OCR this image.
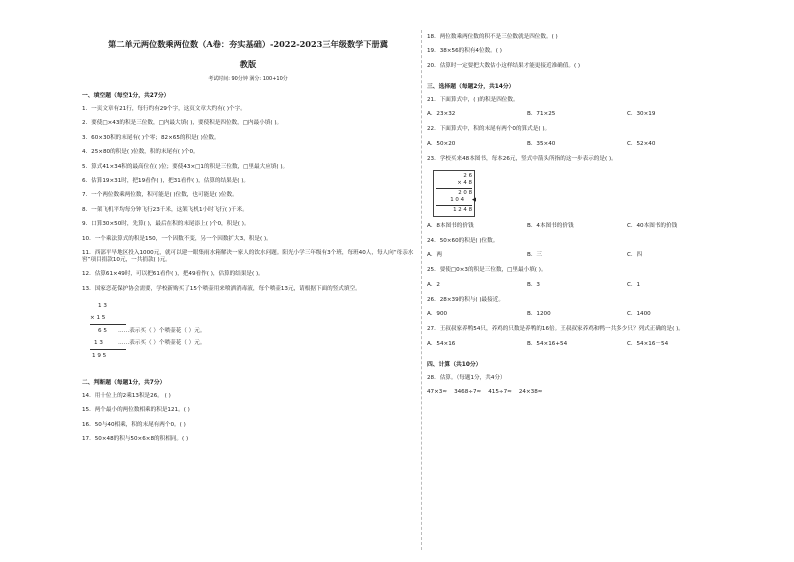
第二单元两位数乘两位数（A卷：夯实基础）-2022-2023三年级数学下册冀
教版
考试时间: 90分钟 满分: 100+10分
一、填空题（每空1分，共27分）
1．一页文章有21行，每行约有29个字，这页文章大约有( )个字。
2．要使□×43的积是三位数，□内最大填( )，要使积是四位数，□内最小填( )。
3．60×30积的末尾有( )个零；82×65的积是( )位数。
4．25×80的积是( )位数，积的末尾有( )个0。
5．算式41×34积的最高位在( )位；要使43×□1的积是三位数，□里最大应填( )。
6．估算19×31时，把19看作( )，把31看作( )，估算的结果是( )。
7．一个两位数乘两位数，积可能是( )位数，也可能是( )位数。
8．一架飞机平均每分钟飞行23千米，这架飞机1小时飞行( )千米。
9．口算30×50时，先算( )，最后在积的末尾添上( )个0，积是( )。
10．一个乘法算式的积是150，一个因数不变，另一个因数扩大3，积是( )。
11．西部平旱地区投入1000元，就可以建一眼集雨水箱解决一家人的饮水问题。阳光小学三年级有3个班，每班40人，每人向“母亲水窖”项目捐款10元，一共捐款( )元。
12．估算61×49时，可以把61看作( )，把49看作( )，估算的结果是( )。
13．国家恋花保护协会需要，学校新购买了15个喷壶用来喷洒消毒液，每个喷壶13元，请根据下面的竖式填空。
1 3
× 1 5
6 5 ……表示买（ ）个喷壶花（ ）元。
1 3	……表示买（ ）个喷壶花（ ）元。
1 9 5
二、判断题（每题1分，共7分）
14．用十位上的2乘13积是26。 ( )
15．两个最小的两位数相乘的积是121。( )
16．50与40相乘，积的末尾有两个0。( )
17．50×48的积与50×6×8的积相同。( )
18．两位数乘两位数的积不是三位数就是四位数。( )
19．38×56的积有4位数。( )
20．估算时一定要把大数估小这样结果才能更接近准确值。( )
三、选择题（每题2分，共14分）
21．下面算式中，( )的积是四位数。
A．23×32	B．71×25	C．30×19
22．下面算式中，积的末尾有两个0的算式是( )。
A．50×20	B．35×40	C．52×40
23．学校买来48本图书，每本26元，竖式中箭头所指的这一步表示的是( )。
2 6
× 4 8
2 0 8
1 0 4 ◀
1 2 4 8
A．8本图书的价钱	B．4本图书的价钱	C．40本图书的价钱
24．50×60的积是( )位数。
A．两	B．三	C．四
25．要使□0×3的积是三位数，□里最小填( )。
A．2	B．3	C．1
26．28×39的积与( )最接近。
A．900	B．1200	C．1400
27．王叔叔家养鸭54只，养鸡的只数是养鸭的16倍。王叔叔家养鸡和鸭一共多少只？列式正确的是( )。
A．54×16	B．54×16+54	C．54×16－54
四、计算（共10分）
28．估算。（每题1分，共4分）
47×3≈ 3468÷7≈ 415÷7≈ 24×38≈
